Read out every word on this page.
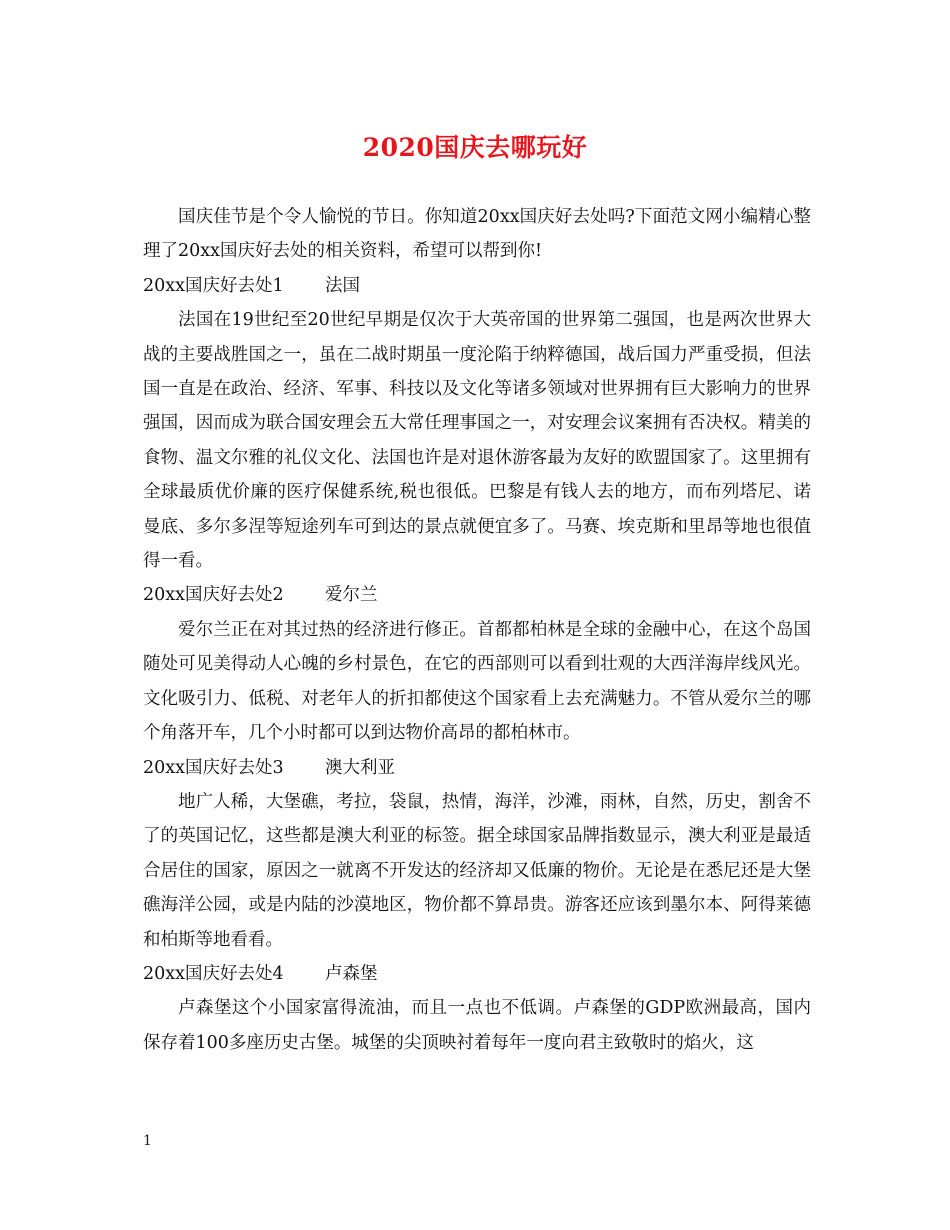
2020国庆去哪玩好

国庆佳节是个令人愉悦的节日。你知道20xx国庆好去处吗?下面范文网小编精心整理了20xx国庆好去处的相关资料，希望可以帮到你!

20xx国庆好去处1 法国

法国在19世纪至20世纪早期是仅次于大英帝国的世界第二强国，也是两次世界大战的主要战胜国之一，虽在二战时期虽一度沦陷于纳粹德国，战后国力严重受损，但法国一直是在政治、经济、军事、科技以及文化等诸多领域对世界拥有巨大影响力的世界强国，因而成为联合国安理会五大常任理事国之一，对安理会议案拥有否决权。精美的食物、温文尔雅的礼仪文化、法国也许是对退休游客最为友好的欧盟国家了。这里拥有全球最质优价廉的医疗保健系统,税也很低。巴黎是有钱人去的地方，而布列塔尼、诺曼底、多尔多涅等短途列车可到达的景点就便宜多了。马赛、埃克斯和里昂等地也很值得一看。

20xx国庆好去处2 爱尔兰

爱尔兰正在对其过热的经济进行修正。首都都柏林是全球的金融中心，在这个岛国随处可见美得动人心魄的乡村景色，在它的西部则可以看到壮观的大西洋海岸线风光。文化吸引力、低税、对老年人的折扣都使这个国家看上去充满魅力。不管从爱尔兰的哪个角落开车，几个小时都可以到达物价高昂的都柏林市。

20xx国庆好去处3 澳大利亚

地广人稀，大堡礁，考拉，袋鼠，热情，海洋，沙滩，雨林，自然，历史，割舍不了的英国记忆，这些都是澳大利亚的标签。据全球国家品牌指数显示，澳大利亚是最适合居住的国家，原因之一就离不开发达的经济却又低廉的物价。无论是在悉尼还是大堡礁海洋公园，或是内陆的沙漠地区，物价都不算昂贵。游客还应该到墨尔本、阿得莱德和柏斯等地看看。

20xx国庆好去处4 卢森堡

卢森堡这个小国家富得流油，而且一点也不低调。卢森堡的GDP欧洲最高，国内保存着100多座历史古堡。城堡的尖顶映衬着每年一度向君主致敬时的焰火，这

1
